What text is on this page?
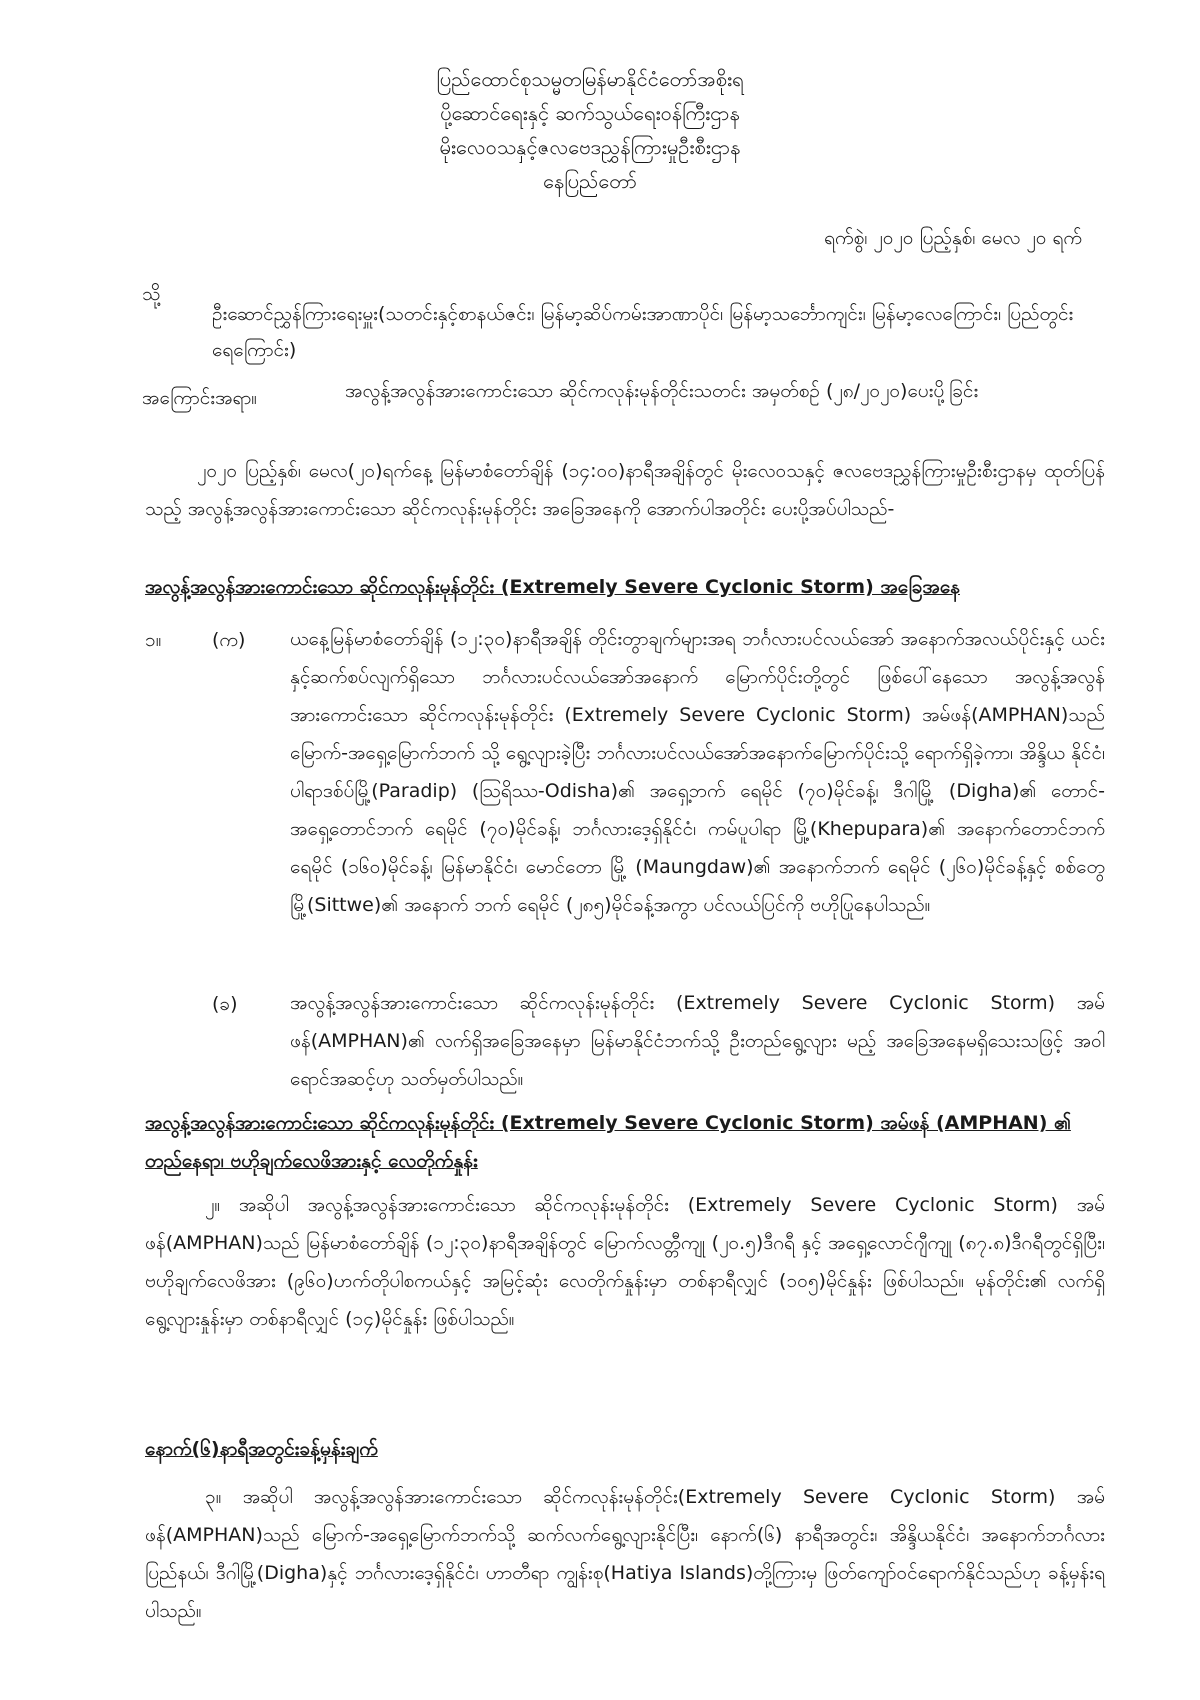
ပြည်ထောင်စုသမ္မတမြန်မာနိုင်ငံတော်အစိုးရ
ပို့ဆောင်ရေးနှင့် ဆက်သွယ်ရေးဝန်ကြီးဌာန
မိုးလေဝသနှင့်ဇလဗေဒညွှန်ကြားမှုဦးစီးဌာန
နေပြည်တော်
ရက်စွဲ၊ ၂၀၂၀ ပြည့်နှစ်၊ မေလ ၂၀ ရက်
သို့
ဦးဆောင်ညွှန်ကြားရေးမှူး(သတင်းနှင့်စာနယ်ဇင်း၊ မြန်မာ့ဆိပ်ကမ်းအာဏာပိုင်၊ မြန်မာ့သင်္ဘောကျင်း၊ မြန်မာ့လေကြောင်း၊ ပြည်တွင်းရေကြောင်း)
အကြောင်းအရာ။	အလွန့်အလွန်အားကောင်းသော ဆိုင်ကလုန်းမုန်တိုင်းသတင်း အမှတ်စဉ် (၂၈/၂၀၂၀)ပေးပို့ခြင်း
၂၀၂၀ ပြည့်နှစ်၊ မေလ(၂၀)ရက်နေ့ မြန်မာစံတော်ချိန် (၁၄:၀၀)နာရီအချိန်တွင် မိုးလေဝသနှင့် ဇလဗေဒညွှန်ကြားမှုဦးစီးဌာနမှ ထုတ်ပြန်သည့် အလွန့်အလွန်အားကောင်းသော ဆိုင်ကလုန်းမုန်တိုင်း အခြေအနေကို အောက်ပါအတိုင်း ပေးပို့အပ်ပါသည်-
အလွန့်အလွန်အားကောင်းသော ဆိုင်ကလုန်းမုန်တိုင်း (Extremely Severe Cyclonic Storm) အခြေအနေ
၁။	(က) ယနေ့မြန်မာစံတော်ချိန် (၁၂:၃၀)နာရီအချိန် တိုင်းတွာချက်များအရ ဘင်္ဂလားပင်လယ်အော် အနောက်အလယ်ပိုင်းနှင့် ယင်းနှင့်ဆက်စပ်လျက်ရှိသော ဘင်္ဂလားပင်လယ်အော်အနောက် မြောက်ပိုင်းတို့တွင် ဖြစ်ပေါ်နေသော အလွန့်အလွန် အားကောင်းသော ဆိုင်ကလုန်းမုန်တိုင်း (Extremely Severe Cyclonic Storm) အမ်ဖန်(AMPHAN)သည် မြောက်-အရှေ့မြောက်ဘက် သို့ ရွေ့လျားခဲ့ပြီး ဘင်္ဂလားပင်လယ်အော်အနောက်မြောက်ပိုင်းသို့ ရောက်ရှိခဲ့ကာ၊ အိန္ဒိယ နိုင်ငံ၊ ပါရာဒစ်ပ်မြို့(Paradip) (ဩရိဿ-Odisha)၏ အရှေ့ဘက် ရေမိုင် (၇၀)မိုင်ခန့်၊ ဒီဂါမြို့ (Digha)၏ တောင်-အရှေ့တောင်ဘက် ရေမိုင် (၇၀)မိုင်ခန့်၊ ဘင်္ဂလားဒေ့ရှ်နိုင်ငံ၊ ကမ်ပူပါရာ မြို့(Khepupara)၏ အနောက်တောင်ဘက် ရေမိုင် (၁၆၀)မိုင်ခန့်၊ မြန်မာနိုင်ငံ၊ မောင်တော မြို့ (Maungdaw)၏ အနောက်ဘက် ရေမိုင် (၂၆၀)မိုင်ခန့်နှင့် စစ်တွေမြို့(Sittwe)၏ အနောက် ဘက် ရေမိုင် (၂၈၅)မိုင်ခန့်အကွာ ပင်လယ်ပြင်ကို ဗဟိုပြုနေပါသည်။
(ခ)	အလွန့်အလွန်အားကောင်းသော ဆိုင်ကလုန်းမုန်တိုင်း (Extremely Severe Cyclonic Storm) အမ်ဖန်(AMPHAN)၏ လက်ရှိအခြေအနေမှာ မြန်မာနိုင်ငံဘက်သို့ ဦးတည်ရွေ့လျား မည့် အခြေအနေမရှိသေးသဖြင့် အဝါရောင်အဆင့်ဟု သတ်မှတ်ပါသည်။
အလွန့်အလွန်အားကောင်းသော ဆိုင်ကလုန်းမုန်တိုင်း (Extremely Severe Cyclonic Storm) အမ်ဖန် (AMPHAN) ၏ တည်နေရာ၊ ဗဟိုချက်လေဖိအားနှင့် လေတိုက်နှုန်း
၂။ အဆိုပါ အလွန့်အလွန်အားကောင်းသော ဆိုင်ကလုန်းမုန်တိုင်း (Extremely Severe Cyclonic Storm) အမ်ဖန်(AMPHAN)သည် မြန်မာစံတော်ချိန် (၁၂:၃၀)နာရီအချိန်တွင် မြောက်လတ္တီကျု (၂၀.၅)ဒီဂရီ နှင့် အရှေ့လောင်ဂျီကျု (၈၇.၈)ဒီဂရီတွင်ရှိပြီး၊ ဗဟိုချက်လေဖိအား (၉၆၀)ဟက်တိုပါစကယ်နှင့် အမြင့်ဆုံး လေတိုက်နှုန်းမှာ တစ်နာရီလျှင် (၁၀၅)မိုင်နှုန်း ဖြစ်ပါသည်။ မုန်တိုင်း၏ လက်ရှိရွေ့လျားနှုန်းမှာ တစ်နာရီလျှင် (၁၄)မိုင်နှုန်း ဖြစ်ပါသည်။
နောက်(၆)နာရီအတွင်းခန့်မှန်းချက်
၃။ အဆိုပါ အလွန့်အလွန်အားကောင်းသော ဆိုင်ကလုန်းမုန်တိုင်း(Extremely Severe Cyclonic Storm) အမ်ဖန်(AMPHAN)သည် မြောက်-အရှေ့မြောက်ဘက်သို့ ဆက်လက်ရွေ့လျားနိုင်ပြီး၊ နောက်(၆) နာရီအတွင်း၊ အိန္ဒိယနိုင်ငံ၊ အနောက်ဘင်္ဂလားပြည်နယ်၊ ဒီဂါမြို့(Digha)နှင့် ဘင်္ဂလားဒေ့ရှ်နိုင်ငံ၊ ဟာတီရာ ကျွန်းစု(Hatiya Islands)တို့ကြားမှ ဖြတ်ကျော်ဝင်ရောက်နိုင်သည်ဟု ခန့်မှန်းရပါသည်။
